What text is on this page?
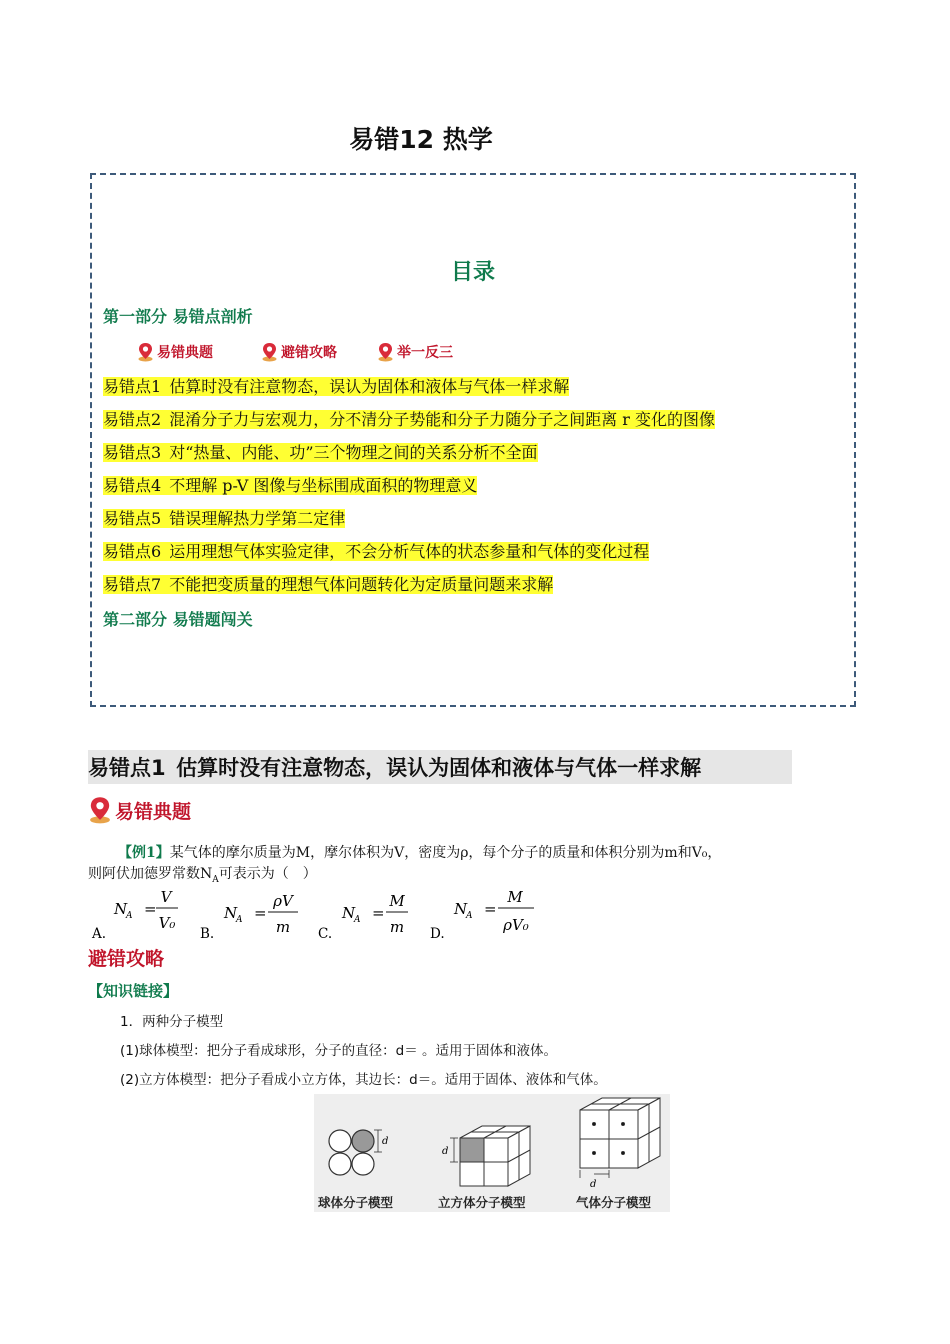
易错12 热学
目录
第一部分 易错点剖析
易错典题	避错攻略	举一反三
易错点1  估算时没有注意物态，误认为固体和液体与气体一样求解
易错点2  混淆分子力与宏观力，分不清分子势能和分子力随分子之间距离 r 变化的图像
易错点3  对“热量、内能、功”三个物理之间的关系分析不全面
易错点4  不理解 p-V 图像与坐标围成面积的物理意义
易错点5  错误理解热力学第二定律
易错点6  运用理想气体实验定律，不会分析气体的状态参量和气体的变化过程
易错点7  不能把变质量的理想气体问题转化为定质量问题来求解
第二部分 易错题闯关
易错点1  估算时没有注意物态，误认为固体和液体与气体一样求解
易错典题
【例1】某气体的摩尔质量为M，摩尔体积为V，密度为ρ，每个分子的质量和体积分别为m和V₀，
则阿伏加德罗常数$N_A$可表示为（　）
N
A =
V
V₀
A.
N
A =
ρV
m
B.
N
A =
M
m
C.
N
A =
M
ρV₀
D.
避错攻略
【知识链接】
1．两种分子模型
(1)球体模型：把分子看成球形，分子的直径：d＝ 。适用于固体和液体。
(2)立方体模型：把分子看成小立方体，其边长：d＝。适用于固体、液体和气体。
d
d
d
球体分子模型	立方体分子模型	气体分子模型
